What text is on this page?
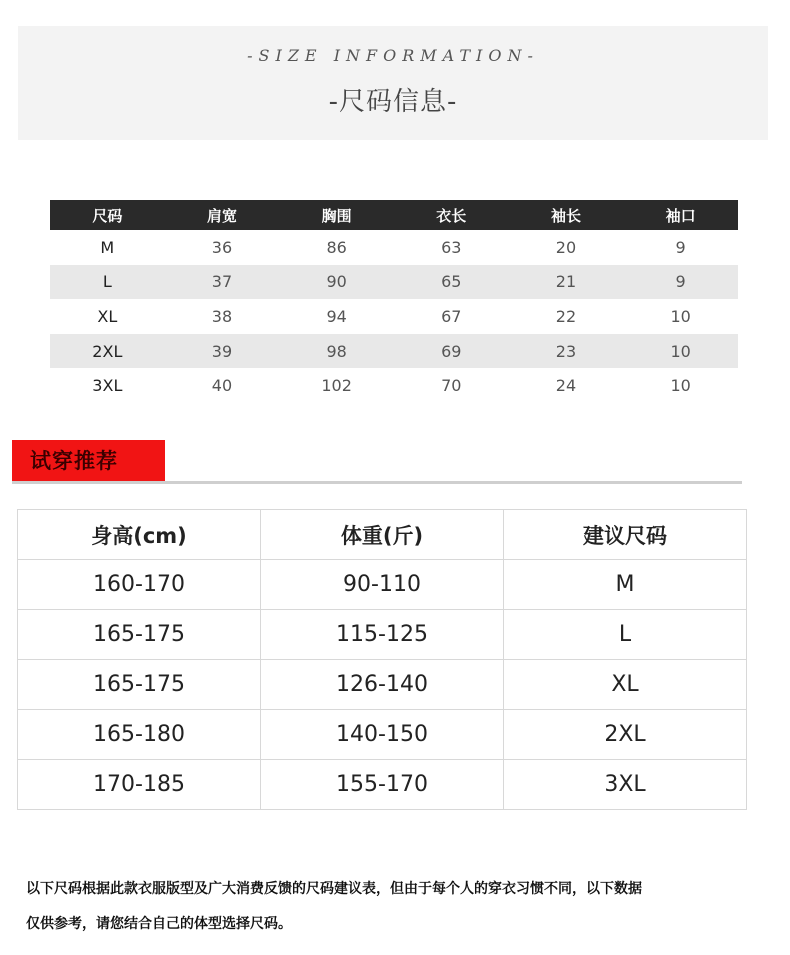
-SIZE INFORMATION-
-尺码信息-
尺码	肩宽	胸围	衣长	袖长	袖口
M	36	86	63	20	9
L	37	90	65	21	9
XL	38	94	67	22	10
2XL	39	98	69	23	10
3XL	40	102	70	24	10
试穿推荐
身高(cm)	体重(斤)	建议尺码
160-170	90-110	M
165-175	115-125	L
165-175	126-140	XL
165-180	140-150	2XL
170-185	155-170	3XL
以下尺码根据此款衣服版型及广大消费反馈的尺码建议表，但由于每个人的穿衣习惯不同，以下数据
仅供参考，请您结合自己的体型选择尺码。
